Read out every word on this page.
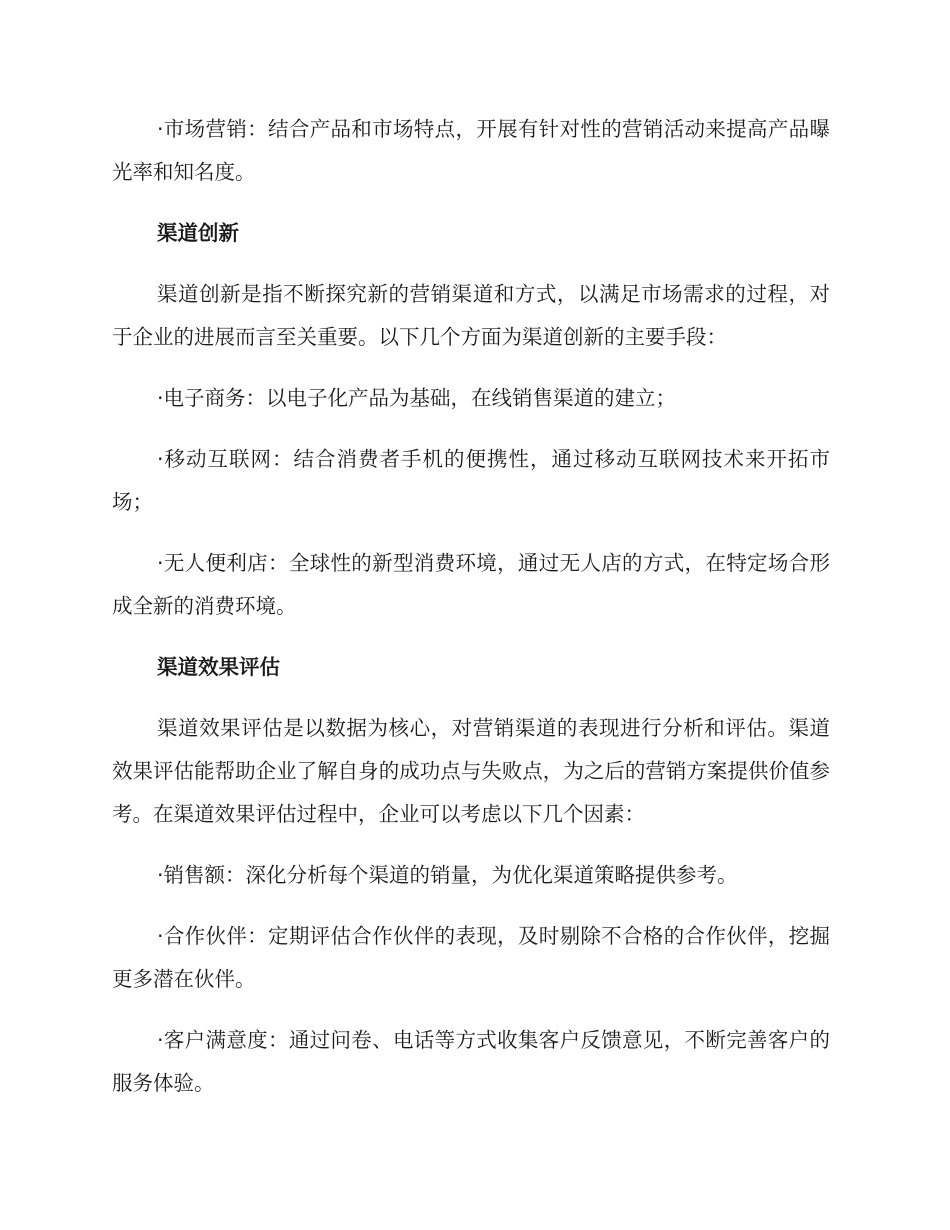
·市场营销：结合产品和市场特点，开展有针对性的营销活动来提高产品曝光率和知名度。

渠道创新

渠道创新是指不断探究新的营销渠道和方式，以满足市场需求的过程，对于企业的进展而言至关重要。以下几个方面为渠道创新的主要手段：

·电子商务：以电子化产品为基础，在线销售渠道的建立；

·移动互联网：结合消费者手机的便携性，通过移动互联网技术来开拓市场；

·无人便利店：全球性的新型消费环境，通过无人店的方式，在特定场合形成全新的消费环境。

渠道效果评估

渠道效果评估是以数据为核心，对营销渠道的表现进行分析和评估。渠道效果评估能帮助企业了解自身的成功点与失败点，为之后的营销方案提供价值参考。在渠道效果评估过程中，企业可以考虑以下几个因素：

·销售额：深化分析每个渠道的销量，为优化渠道策略提供参考。

·合作伙伴：定期评估合作伙伴的表现，及时剔除不合格的合作伙伴，挖掘更多潜在伙伴。

·客户满意度：通过问卷、电话等方式收集客户反馈意见，不断完善客户的服务体验。
